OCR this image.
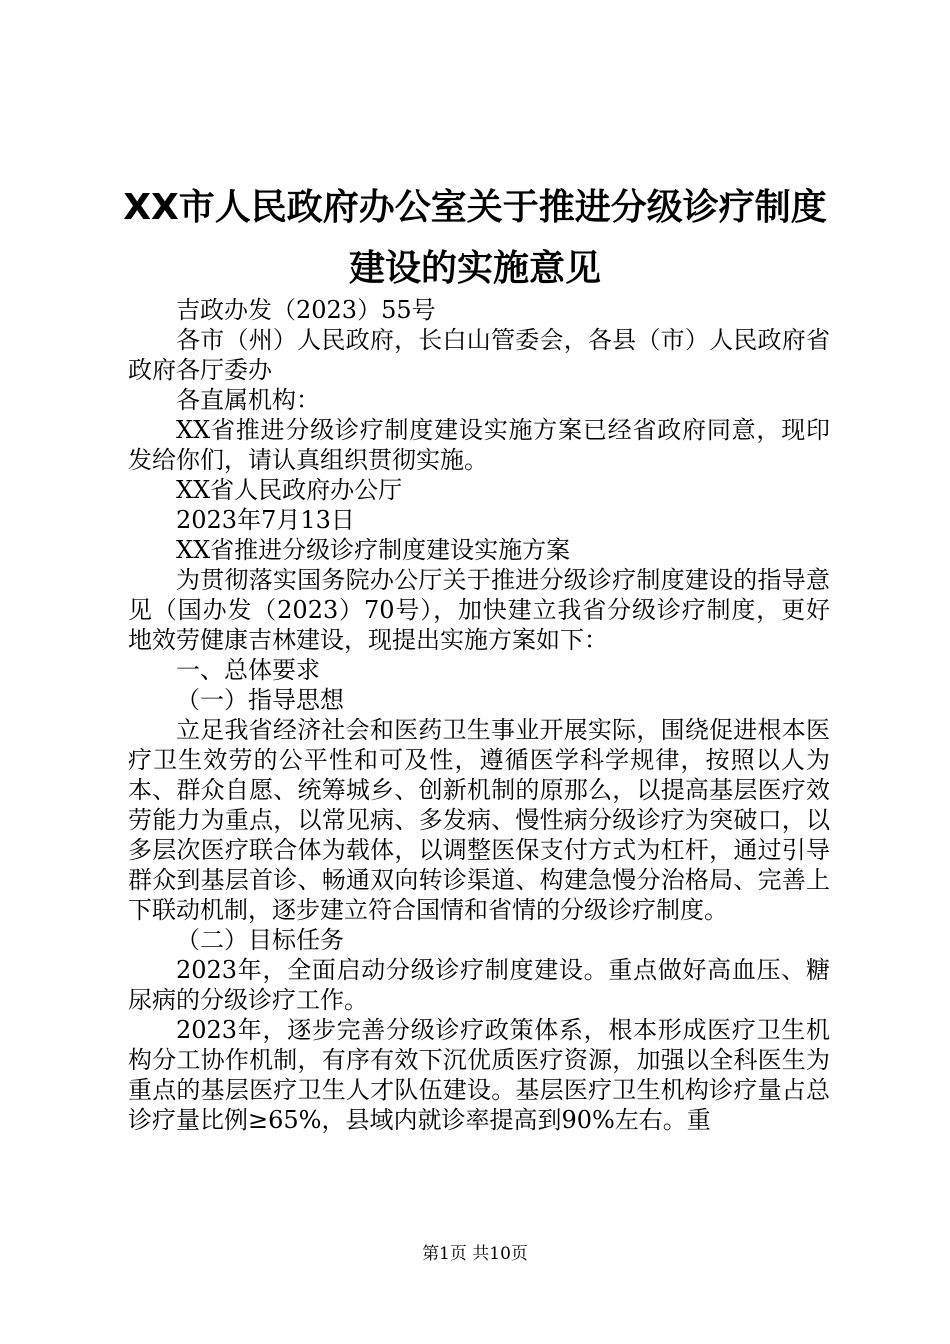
XX市人民政府办公室关于推进分级诊疗制度
建设的实施意见

吉政办发（2023）55号

各市（州）人民政府，长白山管委会，各县（市）人民政府省政府各厅委办

各直属机构：

XX省推进分级诊疗制度建设实施方案已经省政府同意，现印发给你们，请认真组织贯彻实施。

XX省人民政府办公厅

2023年7月13日

XX省推进分级诊疗制度建设实施方案

为贯彻落实国务院办公厅关于推进分级诊疗制度建设的指导意见（国办发（2023）70号），加快建立我省分级诊疗制度，更好地效劳健康吉林建设，现提出实施方案如下：

一、总体要求

（一）指导思想

立足我省经济社会和医药卫生事业开展实际，围绕促进根本医疗卫生效劳的公平性和可及性，遵循医学科学规律，按照以人为本、群众自愿、统筹城乡、创新机制的原那么，以提高基层医疗效劳能力为重点，以常见病、多发病、慢性病分级诊疗为突破口，以多层次医疗联合体为载体，以调整医保支付方式为杠杆，通过引导群众到基层首诊、畅通双向转诊渠道、构建急慢分治格局、完善上下联动机制，逐步建立符合国情和省情的分级诊疗制度。

（二）目标任务

2023年，全面启动分级诊疗制度建设。重点做好高血压、糖尿病的分级诊疗工作。

2023年，逐步完善分级诊疗政策体系，根本形成医疗卫生机构分工协作机制，有序有效下沉优质医疗资源，加强以全科医生为重点的基层医疗卫生人才队伍建设。基层医疗卫生机构诊疗量占总诊疗量比例≥65%，县域内就诊率提高到90%左右。重

第1页 共10页
